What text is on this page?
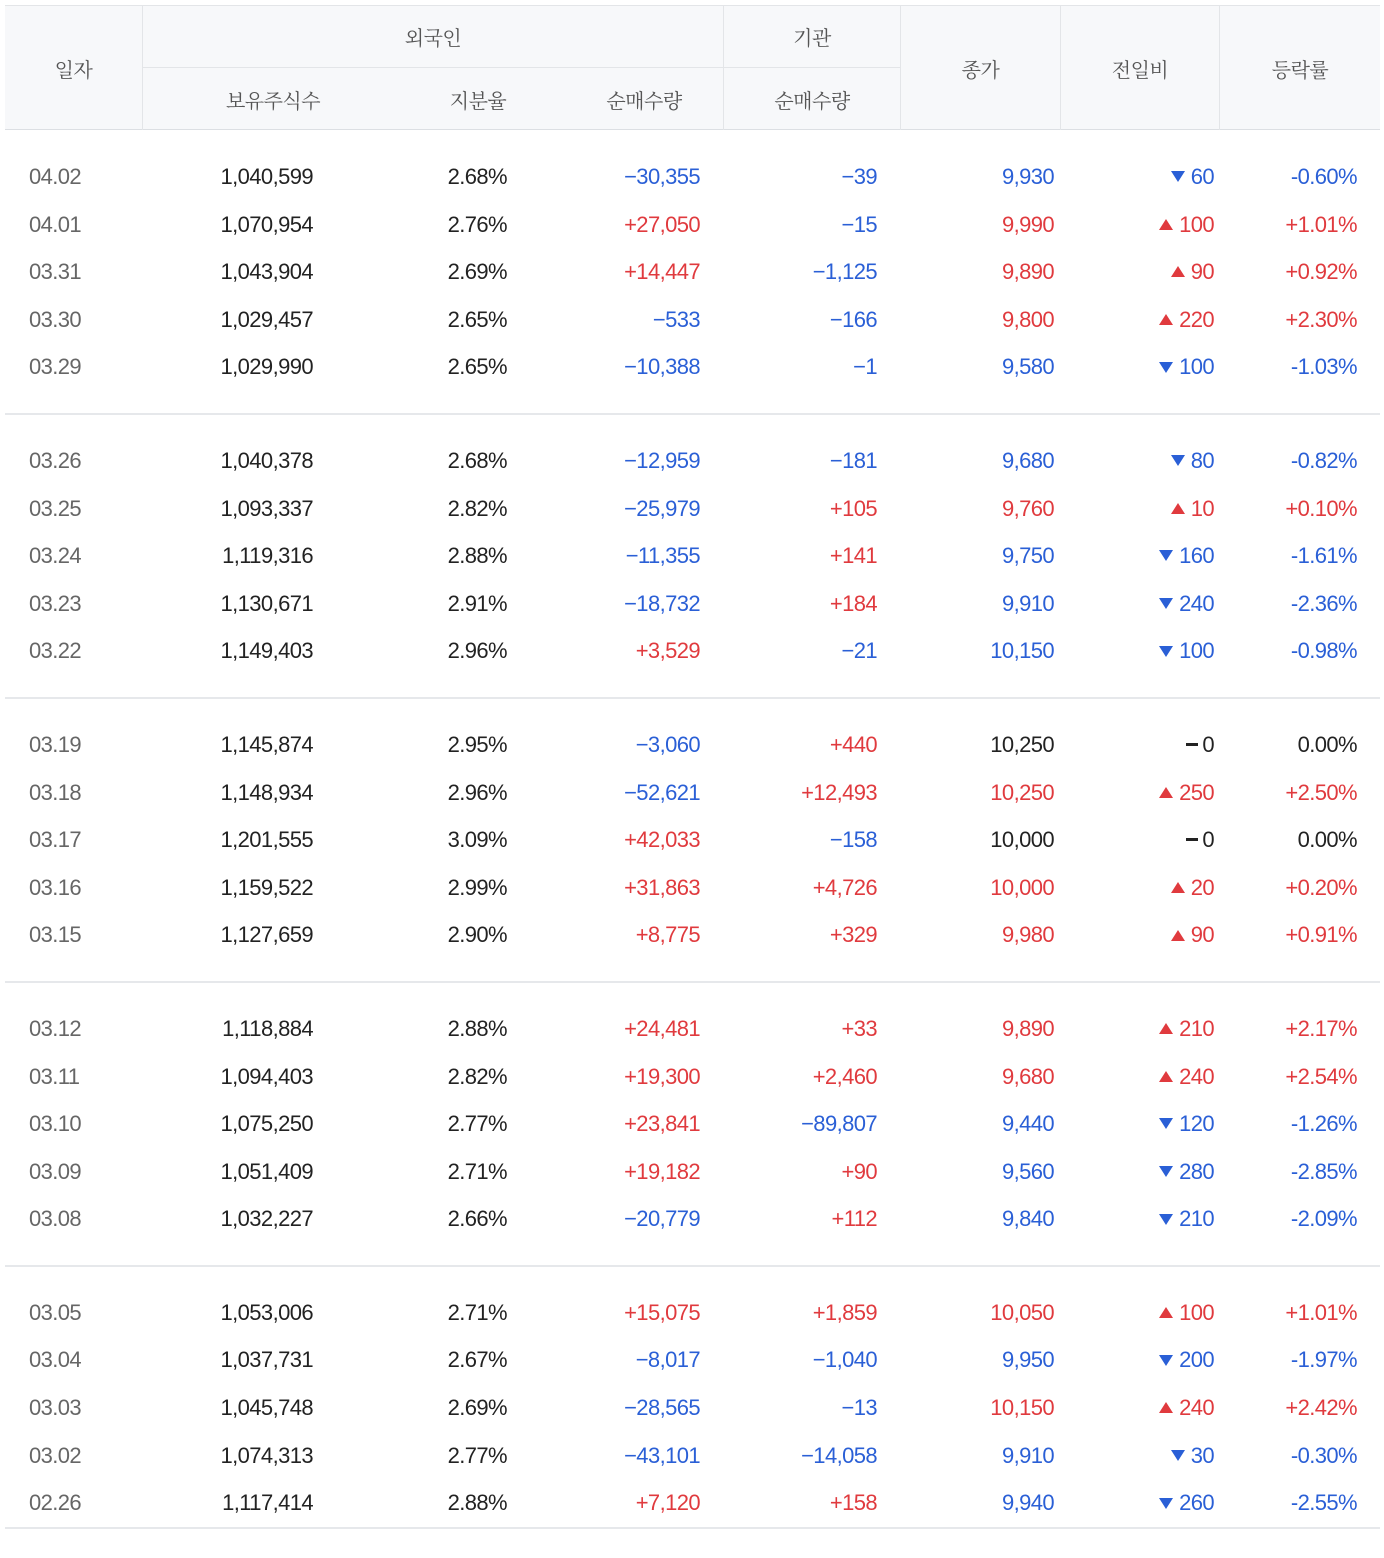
일자
외국인	기관
보유주식수	지분율	순매수량	순매수량
종가	전일비	등락률
04.02	1,040,599	2.68%	−30,355	−39	9,930	60	-0.60%
04.01	1,070,954	2.76%	+27,050	−15	9,990	100	+1.01%
03.31	1,043,904	2.69%	+14,447	−1,125	9,890	90	+0.92%
03.30	1,029,457	2.65%	−533	−166	9,800	220	+2.30%
03.29	1,029,990	2.65%	−10,388	−1	9,580	100	-1.03%
03.26	1,040,378	2.68%	−12,959	−181	9,680	80	-0.82%
03.25	1,093,337	2.82%	−25,979	+105	9,760	10	+0.10%
03.24	1,119,316	2.88%	−11,355	+141	9,750	160	-1.61%
03.23	1,130,671	2.91%	−18,732	+184	9,910	240	-2.36%
03.22	1,149,403	2.96%	+3,529	−21	10,150	100	-0.98%
03.19	1,145,874	2.95%	−3,060	+440	10,250	0	0.00%
03.18	1,148,934	2.96%	−52,621	+12,493	10,250	250	+2.50%
03.17	1,201,555	3.09%	+42,033	−158	10,000	0	0.00%
03.16	1,159,522	2.99%	+31,863	+4,726	10,000	20	+0.20%
03.15	1,127,659	2.90%	+8,775	+329	9,980	90	+0.91%
03.12	1,118,884	2.88%	+24,481	+33	9,890	210	+2.17%
03.11	1,094,403	2.82%	+19,300	+2,460	9,680	240	+2.54%
03.10	1,075,250	2.77%	+23,841	−89,807	9,440	120	-1.26%
03.09	1,051,409	2.71%	+19,182	+90	9,560	280	-2.85%
03.08	1,032,227	2.66%	−20,779	+112	9,840	210	-2.09%
03.05	1,053,006	2.71%	+15,075	+1,859	10,050	100	+1.01%
03.04	1,037,731	2.67%	−8,017	−1,040	9,950	200	-1.97%
03.03	1,045,748	2.69%	−28,565	−13	10,150	240	+2.42%
03.02	1,074,313	2.77%	−43,101	−14,058	9,910	30	-0.30%
02.26	1,117,414	2.88%	+7,120	+158	9,940	260	-2.55%
